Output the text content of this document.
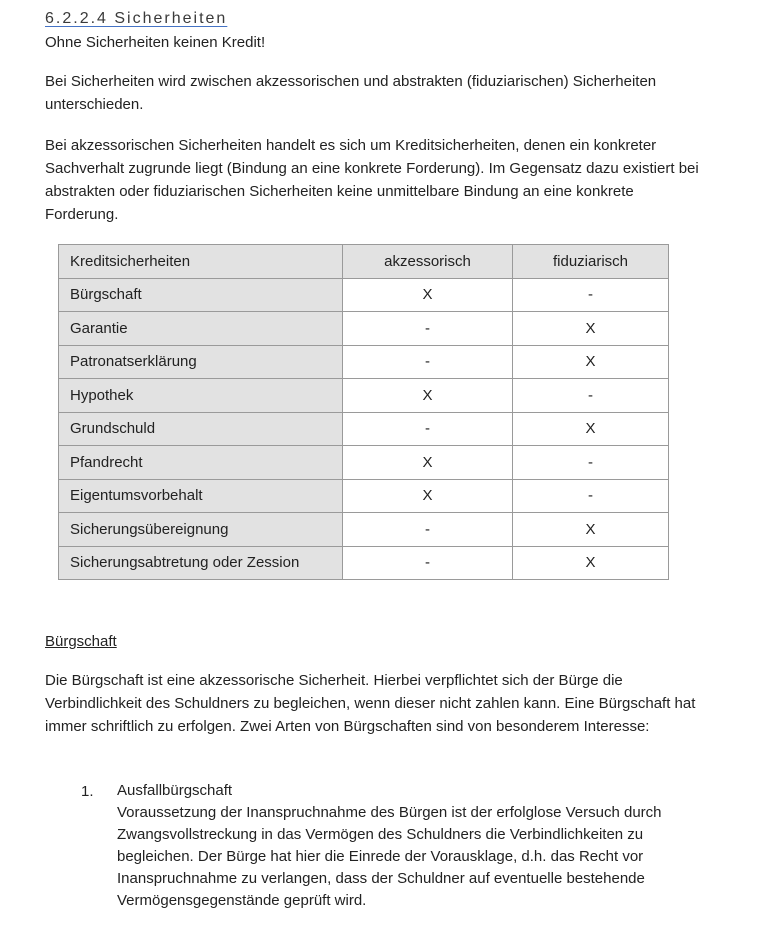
6.2.2.4 Sicherheiten

Ohne Sicherheiten keinen Kredit!

Bei Sicherheiten wird zwischen akzessorischen und abstrakten (fiduziarischen) Sicherheiten unterschieden.

Bei akzessorischen Sicherheiten handelt es sich um Kreditsicherheiten, denen ein konkreter Sachverhalt zugrunde liegt (Bindung an eine konkrete Forderung). Im Gegensatz dazu existiert bei abstrakten oder fiduziarischen Sicherheiten keine unmittelbare Bindung an eine konkrete Forderung.

Kreditsicherheiten	akzessorisch	fiduziarisch
Bürgschaft	X	-
Garantie	-	X
Patronatserklärung	-	X
Hypothek	X	-
Grundschuld	-	X
Pfandrecht	X	-
Eigentumsvorbehalt	X	-
Sicherungsübereignung	-	X
Sicherungsabtretung oder Zession	-	X

Bürgschaft

Die Bürgschaft ist eine akzessorische Sicherheit. Hierbei verpflichtet sich der Bürge die Verbindlichkeit des Schuldners zu begleichen, wenn dieser nicht zahlen kann. Eine Bürgschaft hat immer schriftlich zu erfolgen. Zwei Arten von Bürgschaften sind von besonderem Interesse:

1. Ausfallbürgschaft
Voraussetzung der Inanspruchnahme des Bürgen ist der erfolglose Versuch durch Zwangsvollstreckung in das Vermögen des Schuldners die Verbindlichkeiten zu begleichen. Der Bürge hat hier die Einrede der Vorausklage, d.h. das Recht vor Inanspruchnahme zu verlangen, dass der Schuldner auf eventuelle bestehende Vermögensgegenstände geprüft wird.
